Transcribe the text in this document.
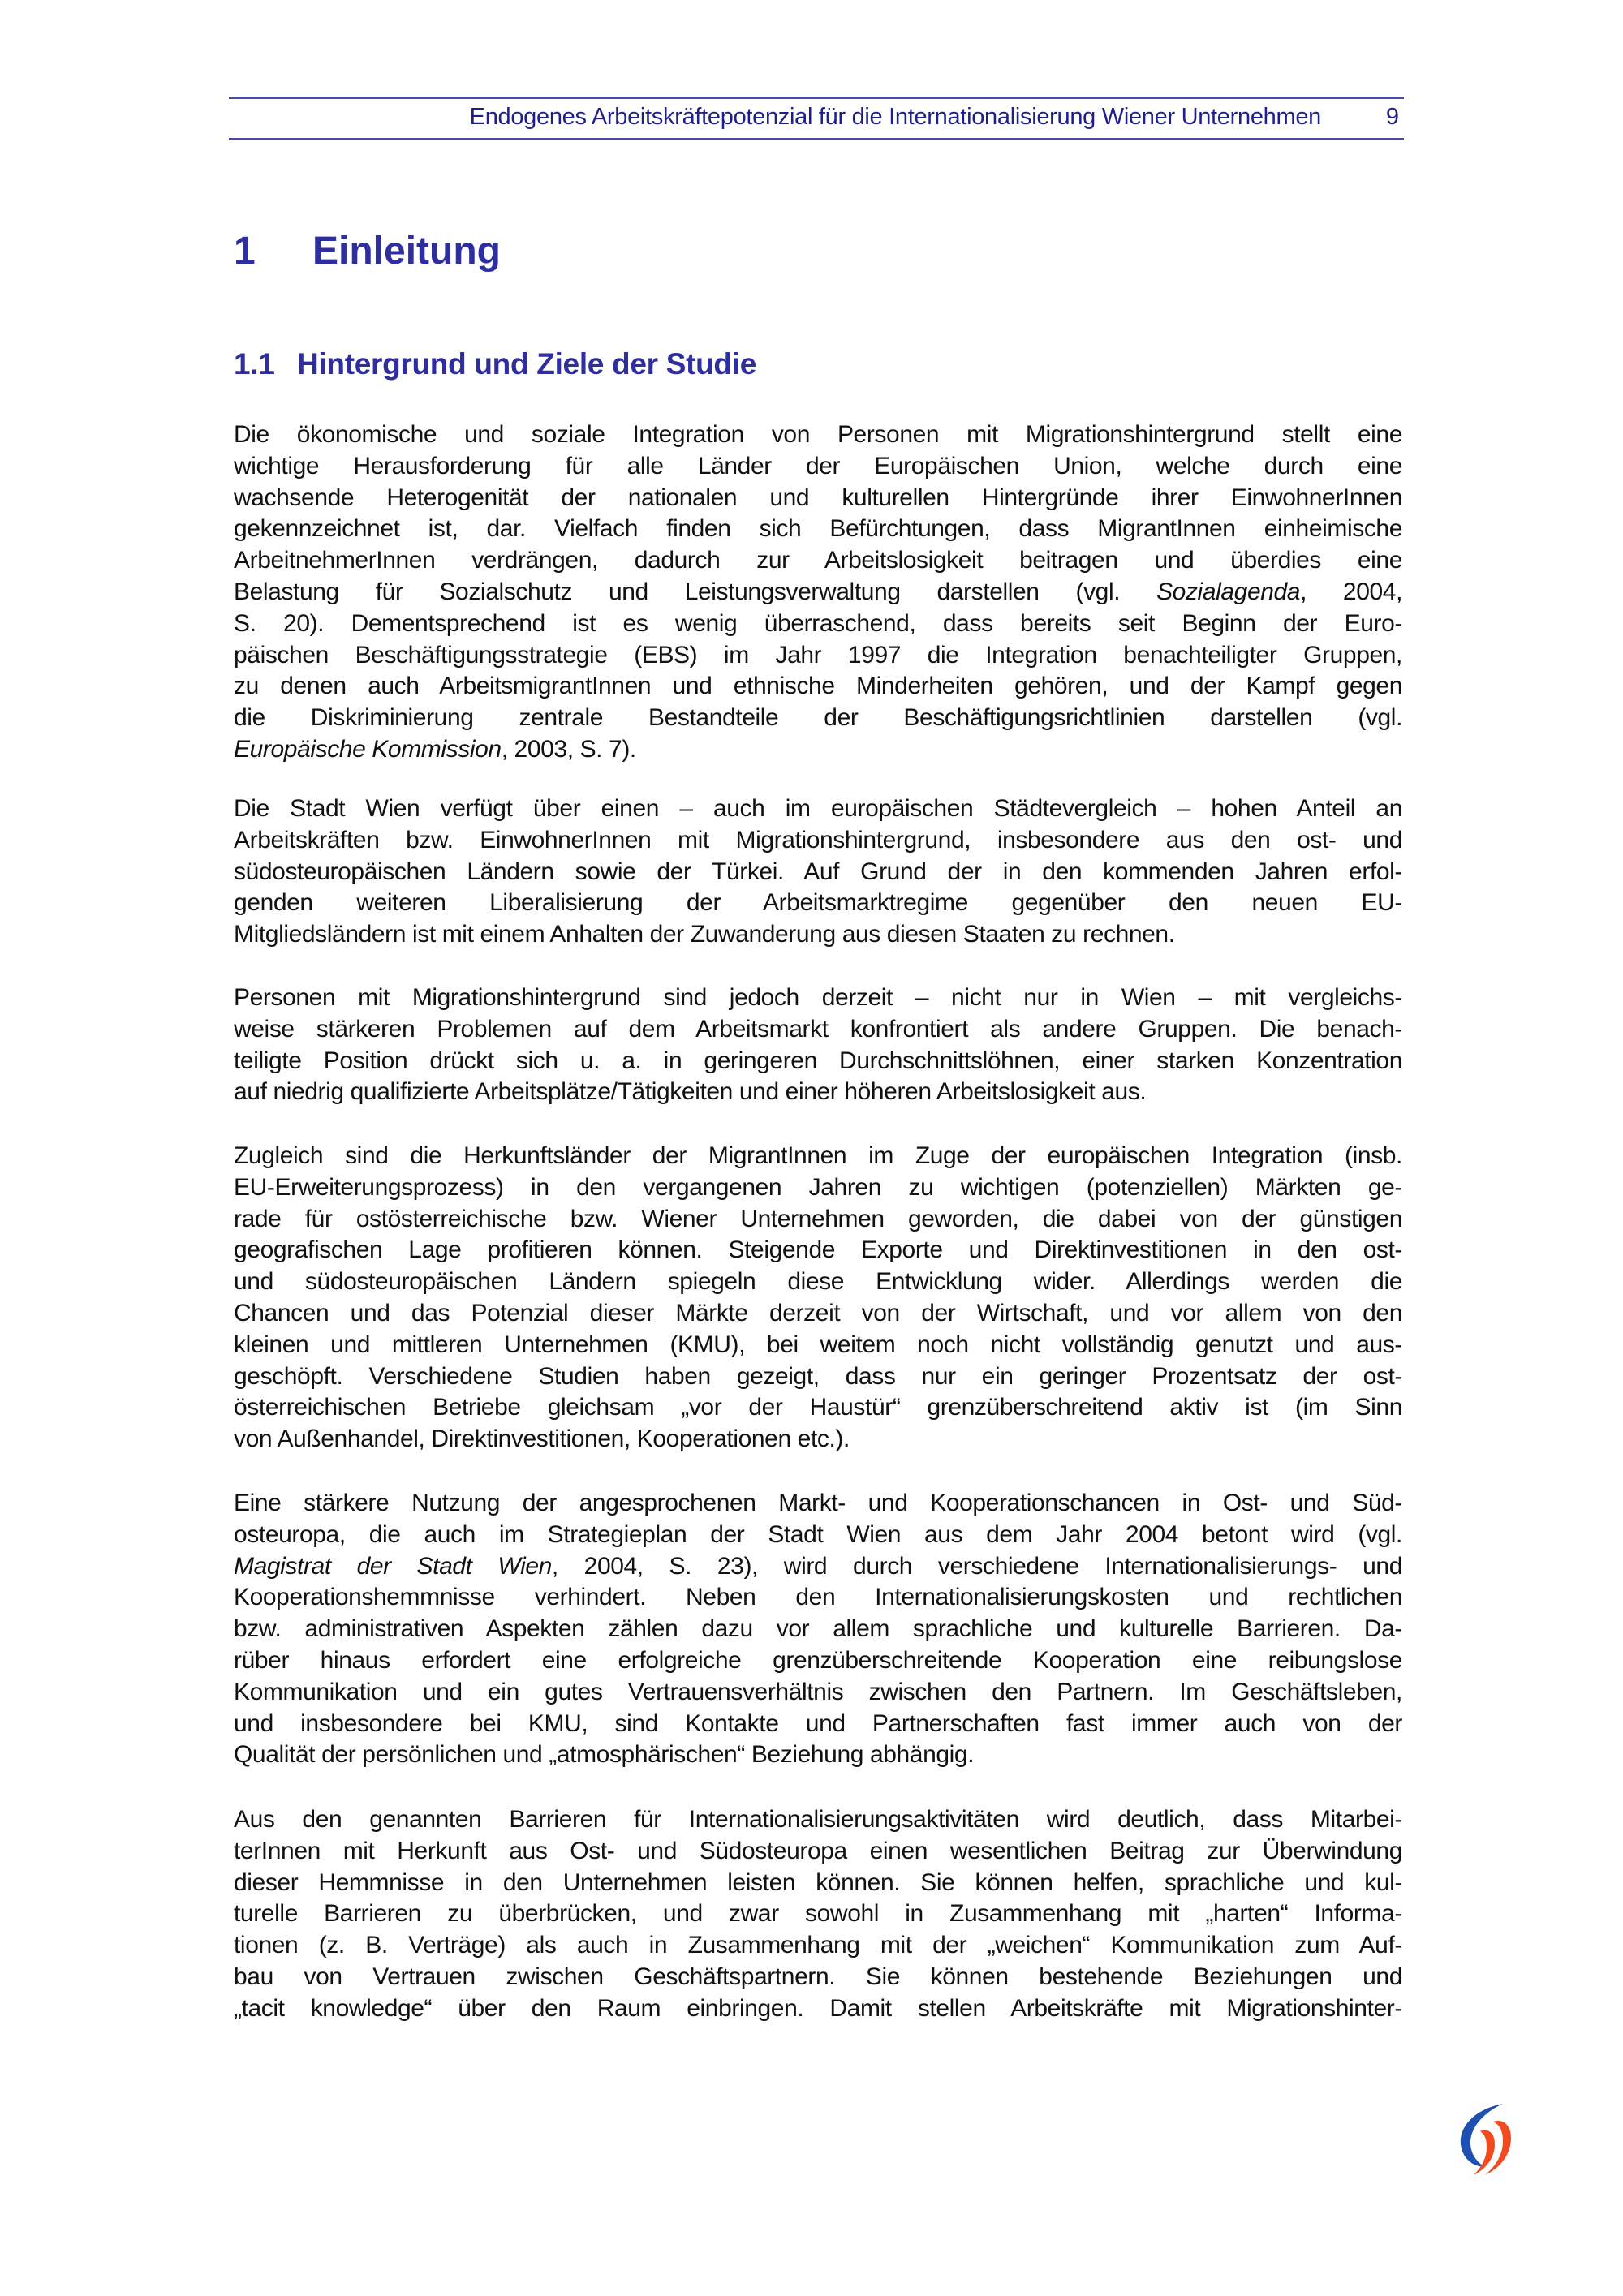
Endogenes Arbeitskräftepotenzial für die Internationalisierung Wiener Unternehmen	9
1 Einleitung
1.1 Hintergrund und Ziele der Studie
Die ökonomische und soziale Integration von Personen mit Migrationshintergrund stellt eine
wichtige Herausforderung für alle Länder der Europäischen Union, welche durch eine
wachsende Heterogenität der nationalen und kulturellen Hintergründe ihrer EinwohnerInnen
gekennzeichnet ist, dar. Vielfach finden sich Befürchtungen, dass MigrantInnen einheimische
ArbeitnehmerInnen verdrängen, dadurch zur Arbeitslosigkeit beitragen und überdies eine
Belastung für Sozialschutz und Leistungsverwaltung darstellen (vgl. Sozialagenda, 2004,
S. 20). Dementsprechend ist es wenig überraschend, dass bereits seit Beginn der Euro-
päischen Beschäftigungsstrategie (EBS) im Jahr 1997 die Integration benachteiligter Gruppen,
zu denen auch ArbeitsmigrantInnen und ethnische Minderheiten gehören, und der Kampf gegen
die Diskriminierung zentrale Bestandteile der Beschäftigungsrichtlinien darstellen (vgl.
Europäische Kommission, 2003, S. 7).
Die Stadt Wien verfügt über einen – auch im europäischen Städtevergleich – hohen Anteil an
Arbeitskräften bzw. EinwohnerInnen mit Migrationshintergrund, insbesondere aus den ost- und
südosteuropäischen Ländern sowie der Türkei. Auf Grund der in den kommenden Jahren erfol-
genden weiteren Liberalisierung der Arbeitsmarktregime gegenüber den neuen EU-
Mitgliedsländern ist mit einem Anhalten der Zuwanderung aus diesen Staaten zu rechnen.
Personen mit Migrationshintergrund sind jedoch derzeit – nicht nur in Wien – mit vergleichs-
weise stärkeren Problemen auf dem Arbeitsmarkt konfrontiert als andere Gruppen. Die benach-
teiligte Position drückt sich u. a. in geringeren Durchschnittslöhnen, einer starken Konzentration
auf niedrig qualifizierte Arbeitsplätze/Tätigkeiten und einer höheren Arbeitslosigkeit aus.
Zugleich sind die Herkunftsländer der MigrantInnen im Zuge der europäischen Integration (insb.
EU-Erweiterungsprozess) in den vergangenen Jahren zu wichtigen (potenziellen) Märkten ge-
rade für ostösterreichische bzw. Wiener Unternehmen geworden, die dabei von der günstigen
geografischen Lage profitieren können. Steigende Exporte und Direktinvestitionen in den ost-
und südosteuropäischen Ländern spiegeln diese Entwicklung wider. Allerdings werden die
Chancen und das Potenzial dieser Märkte derzeit von der Wirtschaft, und vor allem von den
kleinen und mittleren Unternehmen (KMU), bei weitem noch nicht vollständig genutzt und aus-
geschöpft. Verschiedene Studien haben gezeigt, dass nur ein geringer Prozentsatz der ost-
österreichischen Betriebe gleichsam „vor der Haustür“ grenzüberschreitend aktiv ist (im Sinn
von Außenhandel, Direktinvestitionen, Kooperationen etc.).
Eine stärkere Nutzung der angesprochenen Markt- und Kooperationschancen in Ost- und Süd-
osteuropa, die auch im Strategieplan der Stadt Wien aus dem Jahr 2004 betont wird (vgl.
Magistrat der Stadt Wien, 2004, S. 23), wird durch verschiedene Internationalisierungs- und
Kooperationshemmnisse verhindert. Neben den Internationalisierungskosten und rechtlichen
bzw. administrativen Aspekten zählen dazu vor allem sprachliche und kulturelle Barrieren. Da-
rüber hinaus erfordert eine erfolgreiche grenzüberschreitende Kooperation eine reibungslose
Kommunikation und ein gutes Vertrauensverhältnis zwischen den Partnern. Im Geschäftsleben,
und insbesondere bei KMU, sind Kontakte und Partnerschaften fast immer auch von der
Qualität der persönlichen und „atmosphärischen“ Beziehung abhängig.
Aus den genannten Barrieren für Internationalisierungsaktivitäten wird deutlich, dass Mitarbei-
terInnen mit Herkunft aus Ost- und Südosteuropa einen wesentlichen Beitrag zur Überwindung
dieser Hemmnisse in den Unternehmen leisten können. Sie können helfen, sprachliche und kul-
turelle Barrieren zu überbrücken, und zwar sowohl in Zusammenhang mit „harten“ Informa-
tionen (z. B. Verträge) als auch in Zusammenhang mit der „weichen“ Kommunikation zum Auf-
bau von Vertrauen zwischen Geschäftspartnern. Sie können bestehende Beziehungen und
„tacit knowledge“ über den Raum einbringen. Damit stellen Arbeitskräfte mit Migrationshinter-
